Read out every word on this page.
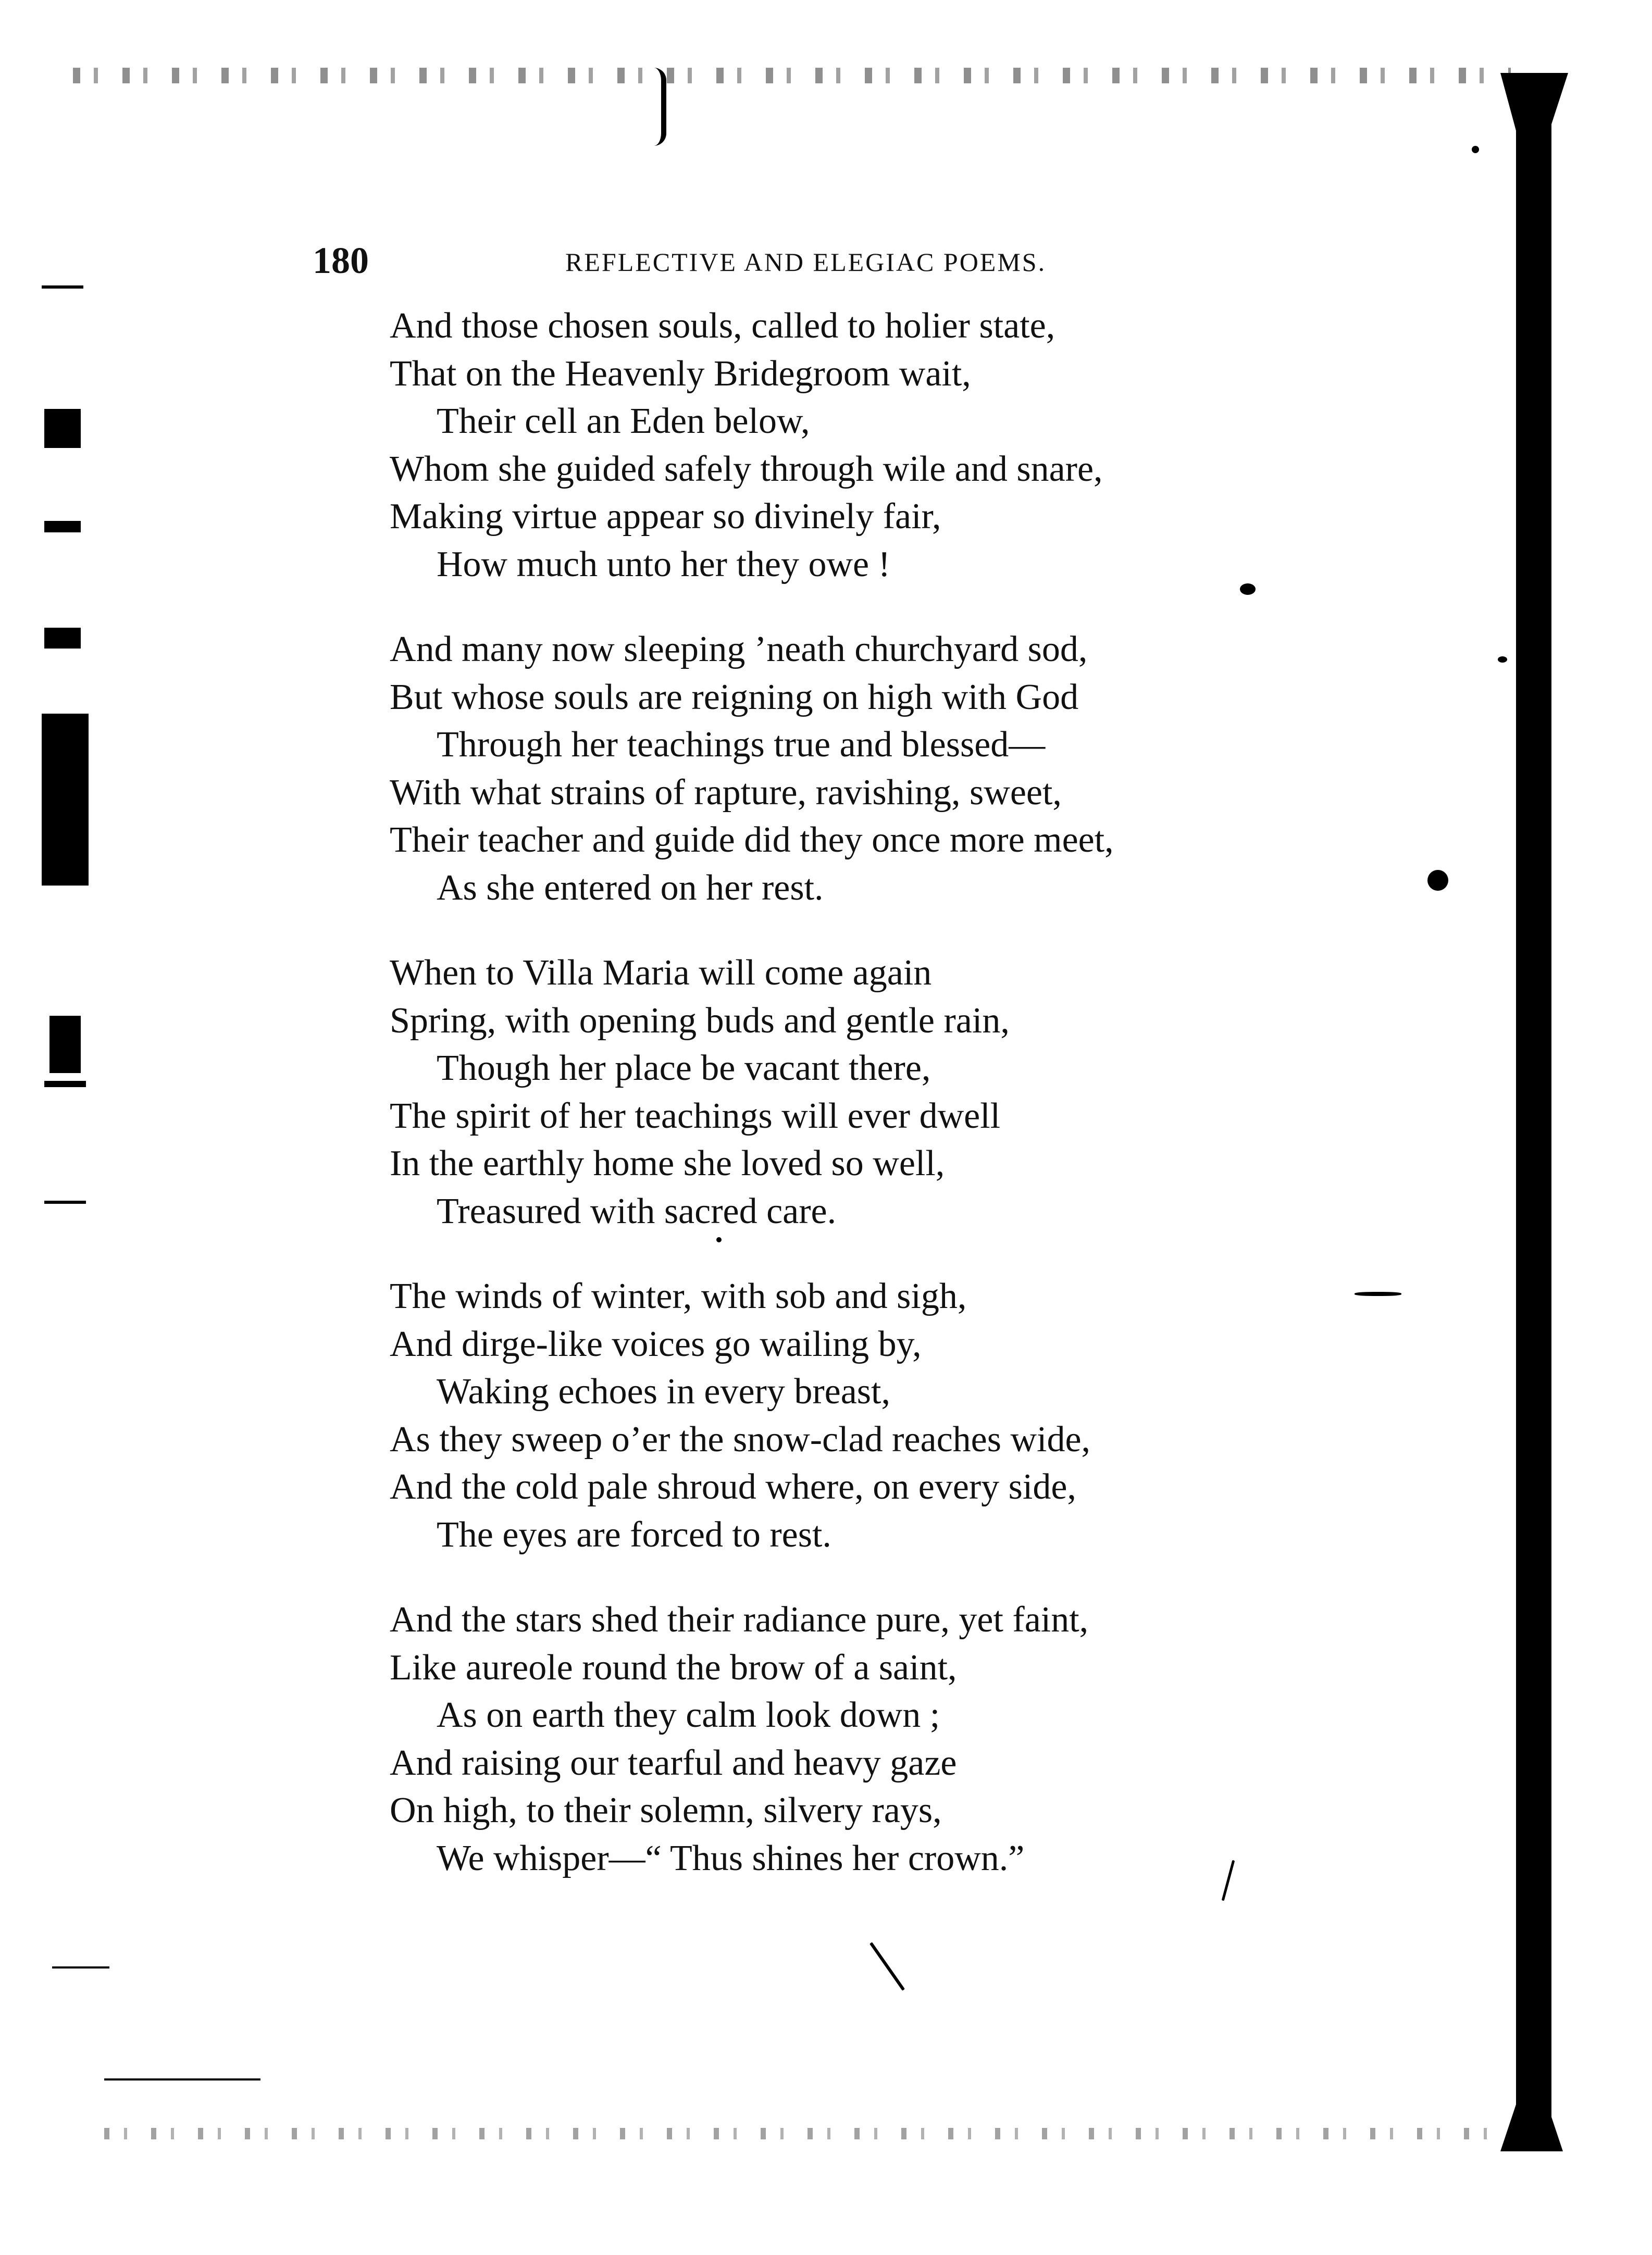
180	REFLECTIVE AND ELEGIAC POEMS.
And those chosen souls, called to holier state,
That on the Heavenly Bridegroom wait,
Their cell an Eden below,
Whom she guided safely through wile and snare,
Making virtue appear so divinely fair,
How much unto her they owe !
And many now sleeping ’neath churchyard sod,
But whose souls are reigning on high with God
Through her teachings true and blessed—
With what strains of rapture, ravishing, sweet,
Their teacher and guide did they once more meet,
As she entered on her rest.
When to Villa Maria will come again
Spring, with opening buds and gentle rain,
Though her place be vacant there,
The spirit of her teachings will ever dwell
In the earthly home she loved so well,
Treasured with sacred care.
The winds of winter, with sob and sigh,
And dirge-like voices go wailing by,
Waking echoes in every breast,
As they sweep o’er the snow-clad reaches wide,
And the cold pale shroud where, on every side,
The eyes are forced to rest.
And the stars shed their radiance pure, yet faint,
Like aureole round the brow of a saint,
As on earth they calm look down ;
And raising our tearful and heavy gaze
On high, to their solemn, silvery rays,
We whisper—“ Thus shines her crown.”
